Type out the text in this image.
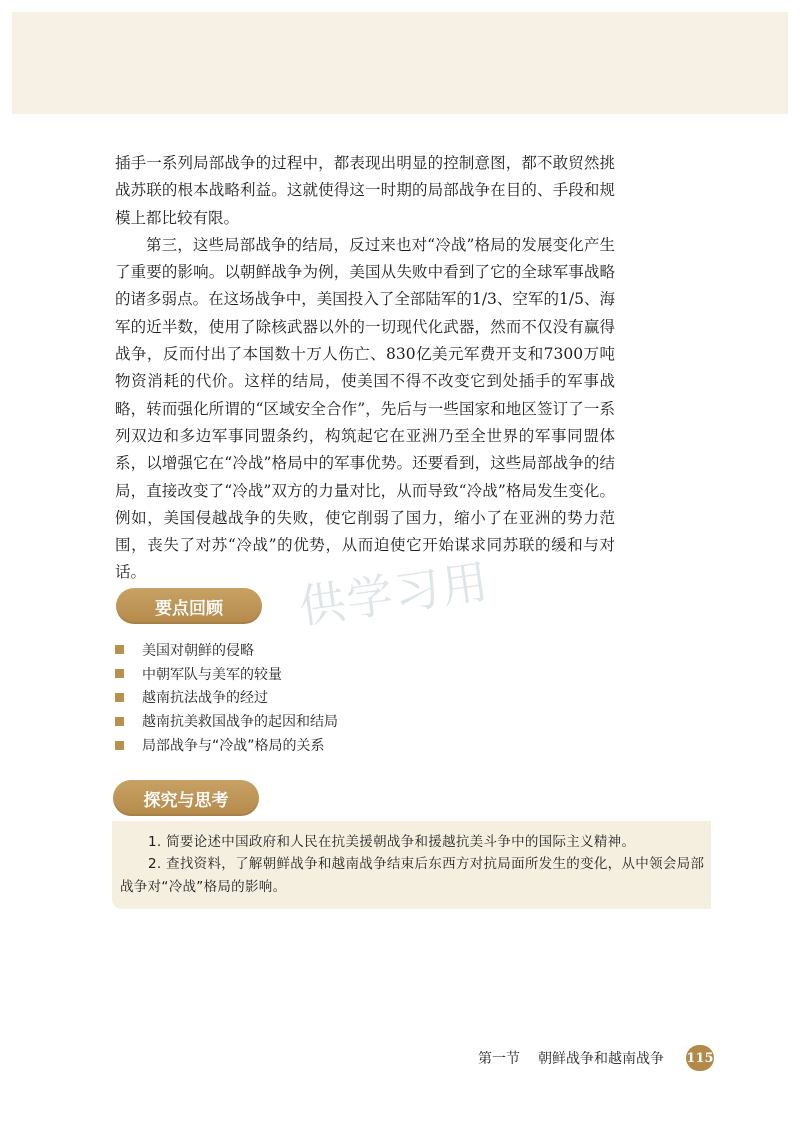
插手一系列局部战争的过程中，都表现出明显的控制意图，都不敢贸然挑战苏联的根本战略利益。这就使得这一时期的局部战争在目的、手段和规模上都比较有限。

第三，这些局部战争的结局，反过来也对“冷战”格局的发展变化产生了重要的影响。以朝鲜战争为例，美国从失败中看到了它的全球军事战略的诸多弱点。在这场战争中，美国投入了全部陆军的1/3、空军的1/5、海军的近半数，使用了除核武器以外的一切现代化武器，然而不仅没有赢得战争，反而付出了本国数十万人伤亡、830亿美元军费开支和7300万吨物资消耗的代价。这样的结局，使美国不得不改变它到处插手的军事战略，转而强化所谓的“区域安全合作”，先后与一些国家和地区签订了一系列双边和多边军事同盟条约，构筑起它在亚洲乃至全世界的军事同盟体系，以增强它在“冷战”格局中的军事优势。还要看到，这些局部战争的结局，直接改变了“冷战”双方的力量对比，从而导致“冷战”格局发生变化。例如，美国侵越战争的失败，使它削弱了国力，缩小了在亚洲的势力范围，丧失了对苏“冷战”的优势，从而迫使它开始谋求同苏联的缓和与对话。	供学习用
要点回顾
美国对朝鲜的侵略
中朝军队与美军的较量
越南抗法战争的经过
越南抗美救国战争的起因和结局
局部战争与“冷战”格局的关系
探究与思考

1. 简要论述中国政府和人民在抗美援朝战争和援越抗美斗争中的国际主义精神。

2. 查找资料，了解朝鲜战争和越南战争结束后东西方对抗局面所发生的变化，从中领会局部战争对“冷战”格局的影响。

第一节 朝鲜战争和越南战争 115
